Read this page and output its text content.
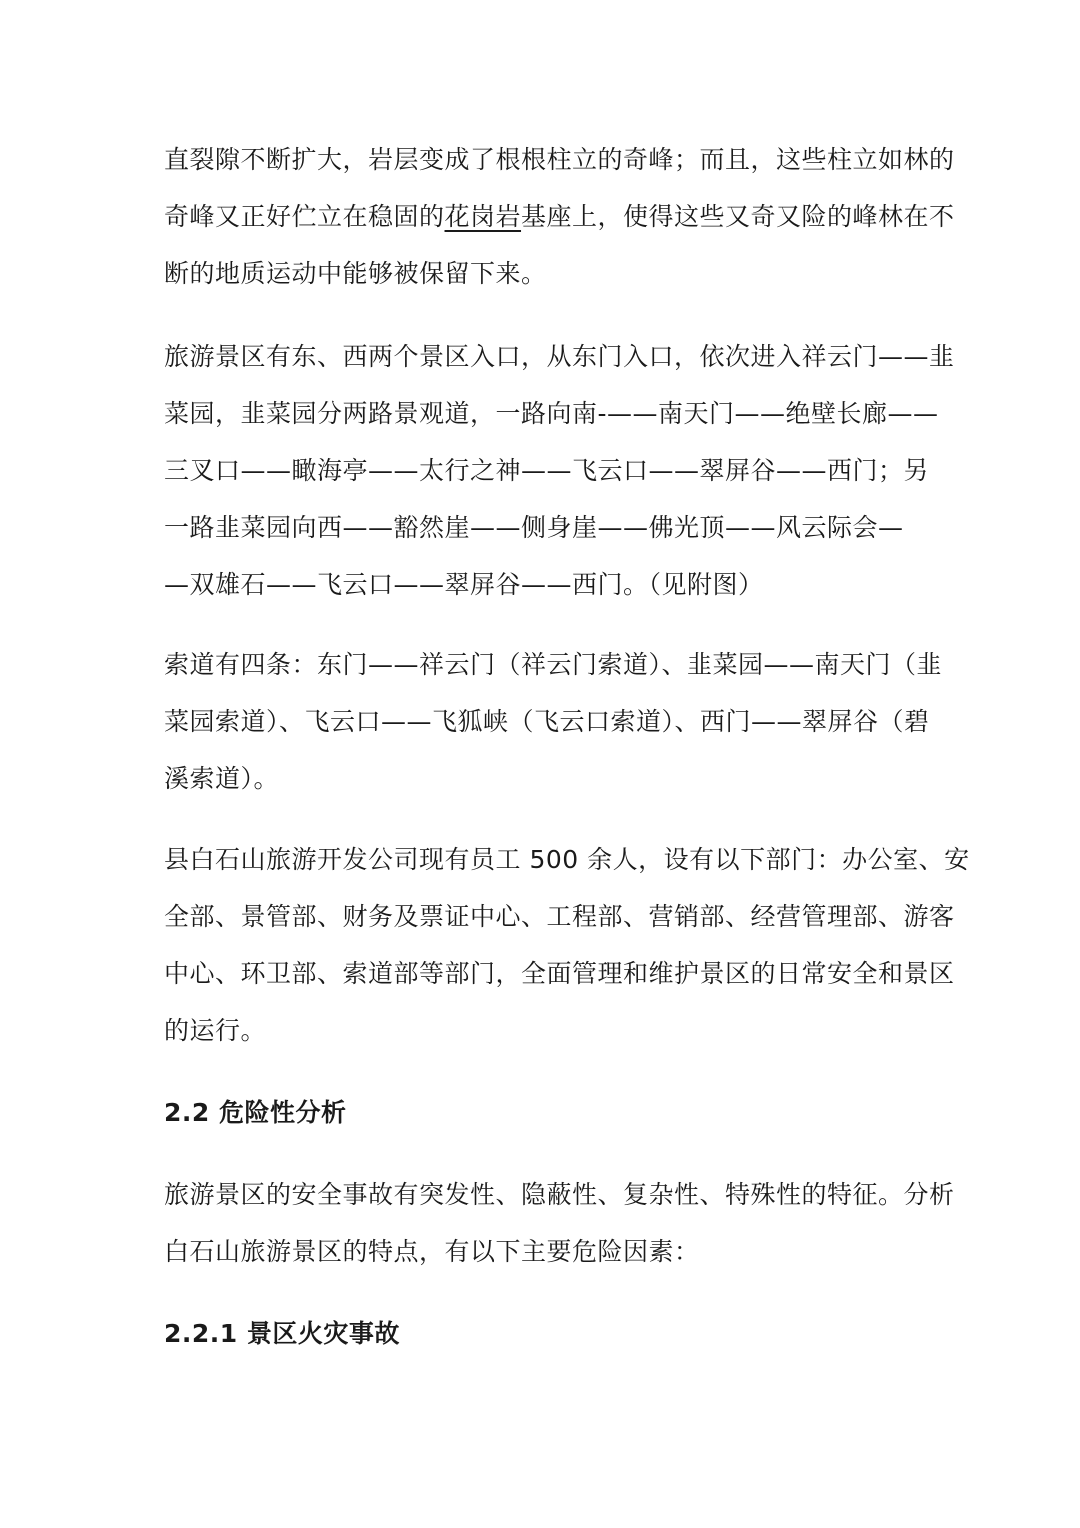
直裂隙不断扩大，岩层变成了根根柱立的奇峰；而且，这些柱立如林的
奇峰又正好伫立在稳固的花岗岩基座上，使得这些又奇又险的峰林在不
断的地质运动中能够被保留下来。
旅游景区有东、西两个景区入口，从东门入口，依次进入祥云门——韭
菜园，韭菜园分两路景观道，一路向南-——南天门——绝壁长廊——
三叉口——瞰海亭——太行之神——飞云口——翠屏谷——西门；另
一路韭菜园向西——豁然崖——侧身崖——佛光顶——风云际会—
—双雄石——飞云口——翠屏谷——西门。（见附图）
索道有四条：东门——祥云门（祥云门索道）、韭菜园——南天门（韭
菜园索道）、飞云口——飞狐峡（飞云口索道）、西门——翠屏谷（碧
溪索道）。
县白石山旅游开发公司现有员工 500 余人，设有以下部门：办公室、安
全部、景管部、财务及票证中心、工程部、营销部、经营管理部、游客
中心、环卫部、索道部等部门，全面管理和维护景区的日常安全和景区
的运行。
2.2 危险性分析
旅游景区的安全事故有突发性、隐蔽性、复杂性、特殊性的特征。分析
白石山旅游景区的特点，有以下主要危险因素：
2.2.1 景区火灾事故
